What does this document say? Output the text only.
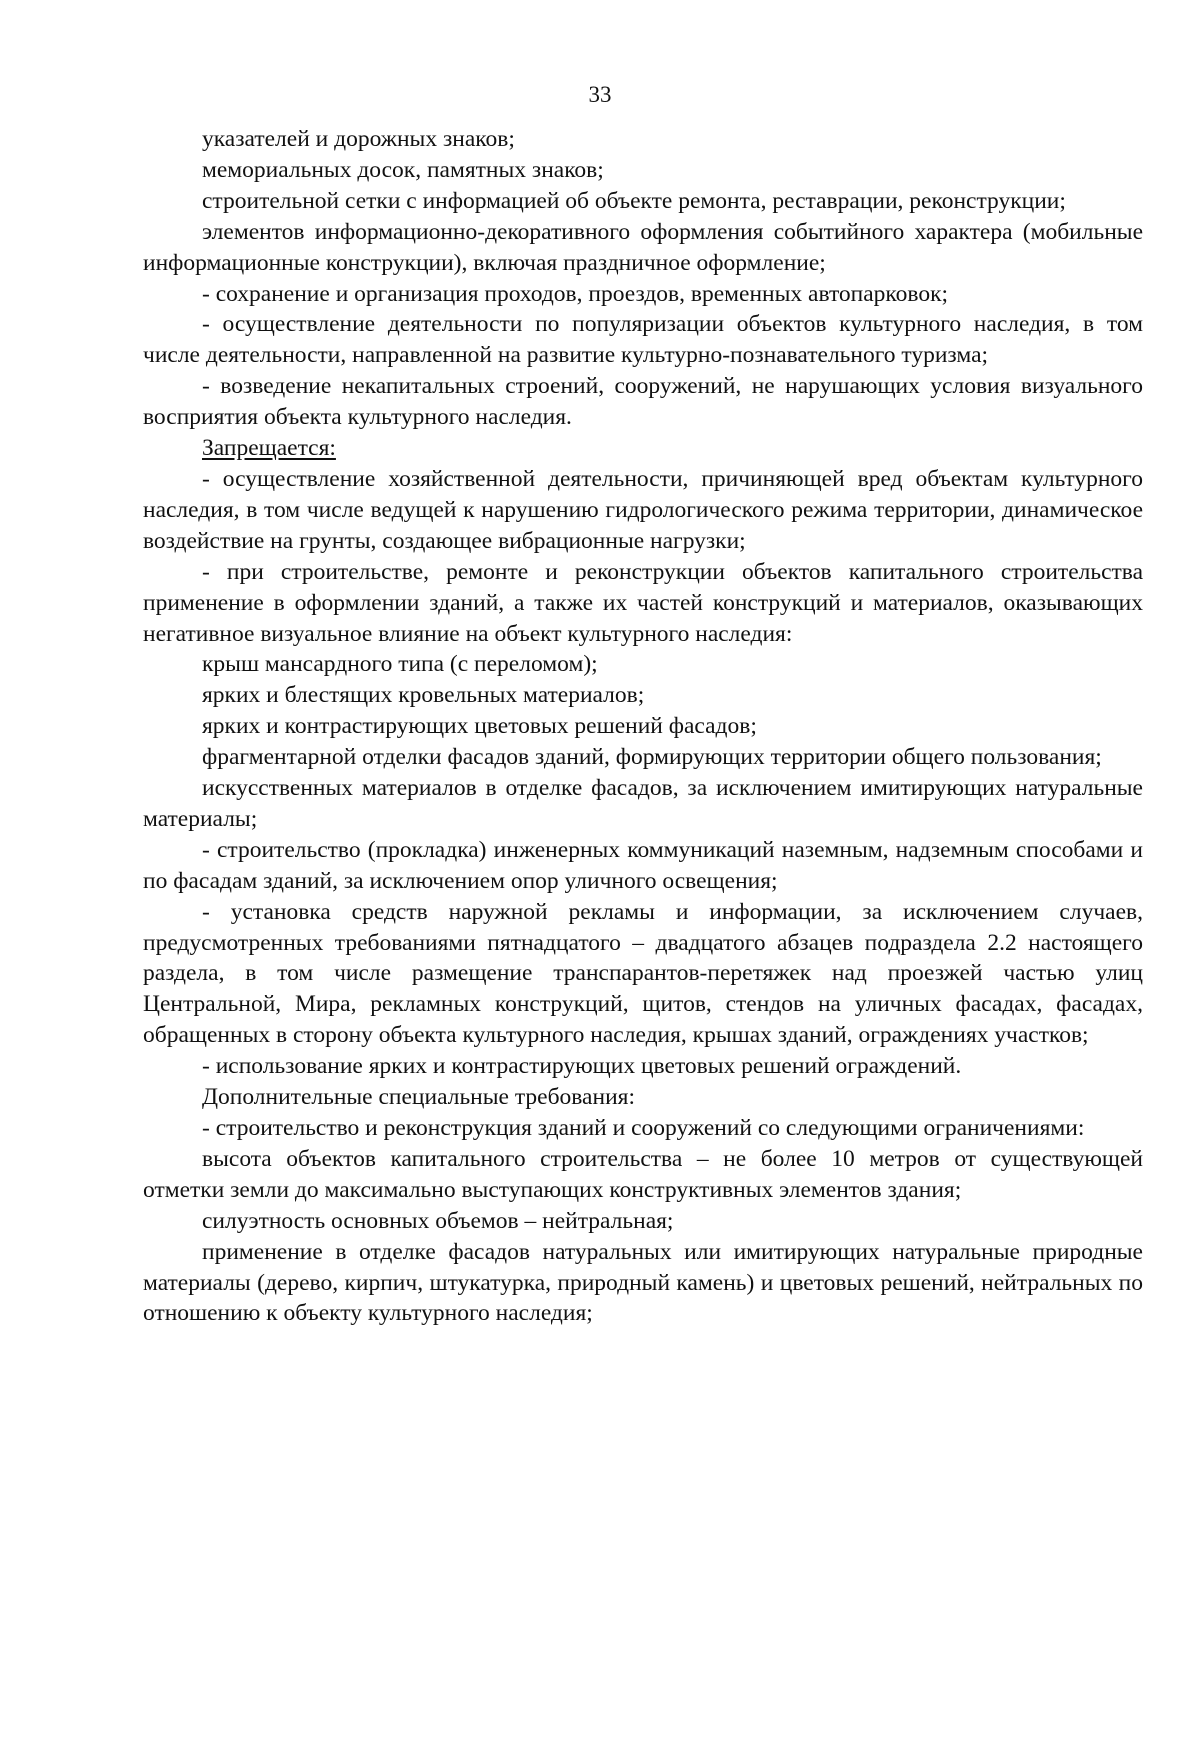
33

указателей и дорожных знаков;

мемориальных досок, памятных знаков;

строительной сетки с информацией об объекте ремонта, реставрации, реконструкции;

элементов информационно-декоративного оформления событийного характера (мобильные информационные конструкции), включая праздничное оформление;

- сохранение и организация проходов, проездов, временных автопарковок;

- осуществление деятельности по популяризации объектов культурного наследия, в том числе деятельности, направленной на развитие культурно-познавательного туризма;

- возведение некапитальных строений, сооружений, не нарушающих условия визуального восприятия объекта культурного наследия.

Запрещается:

- осуществление хозяйственной деятельности, причиняющей вред объектам культурного наследия, в том числе ведущей к нарушению гидрологического режима территории, динамическое воздействие на грунты, создающее вибрационные нагрузки;

- при строительстве, ремонте и реконструкции объектов капитального строительства применение в оформлении зданий, а также их частей конструкций и материалов, оказывающих негативное визуальное влияние на объект культурного наследия:

крыш мансардного типа (с переломом);

ярких и блестящих кровельных материалов;

ярких и контрастирующих цветовых решений фасадов;

фрагментарной отделки фасадов зданий, формирующих территории общего пользования;

искусственных материалов в отделке фасадов, за исключением имитирующих натуральные материалы;

- строительство (прокладка) инженерных коммуникаций наземным, надземным способами и по фасадам зданий, за исключением опор уличного освещения;

- установка средств наружной рекламы и информации, за исключением случаев, предусмотренных требованиями пятнадцатого – двадцатого абзацев подраздела 2.2 настоящего раздела, в том числе размещение транспарантов-перетяжек над проезжей частью улиц Центральной, Мира, рекламных конструкций, щитов, стендов на уличных фасадах, фасадах, обращенных в сторону объекта культурного наследия, крышах зданий, ограждениях участков;

- использование ярких и контрастирующих цветовых решений ограждений.

Дополнительные специальные требования:

- строительство и реконструкция зданий и сооружений со следующими ограничениями:

высота объектов капитального строительства – не более 10 метров от существующей отметки земли до максимально выступающих конструктивных элементов здания;

силуэтность основных объемов – нейтральная;

применение в отделке фасадов натуральных или имитирующих натуральные природные материалы (дерево, кирпич, штукатурка, природный камень) и цветовых решений, нейтральных по отношению к объекту культурного наследия;
